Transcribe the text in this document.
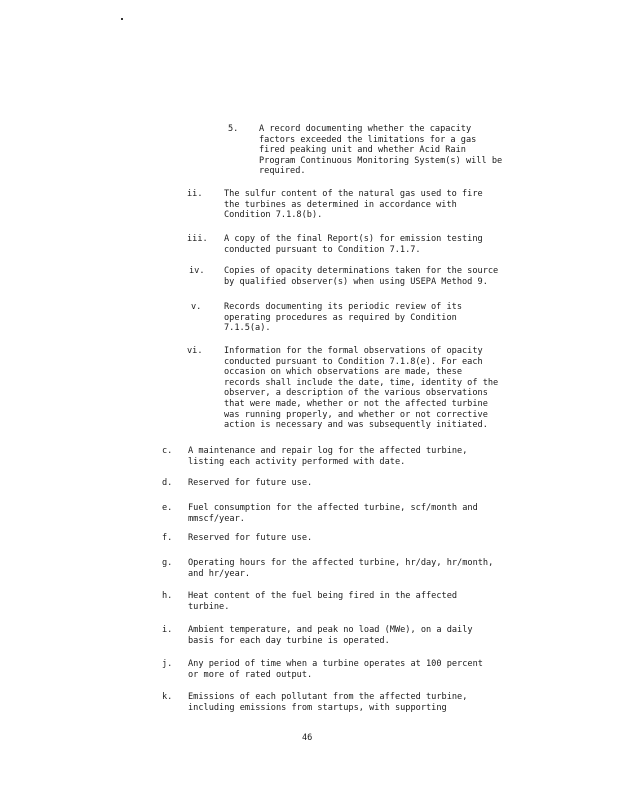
5. A record documenting whether the capacity
factors exceeded the limitations for a gas
fired peaking unit and whether Acid Rain
Program Continuous Monitoring System(s) will be
required.
ii. The sulfur content of the natural gas used to fire
the turbines as determined in accordance with
Condition 7.1.8(b).
iii. A copy of the final Report(s) for emission testing
conducted pursuant to Condition 7.1.7.
iv. Copies of opacity determinations taken for the source
by qualified observer(s) when using USEPA Method 9.
v.	Records documenting its periodic review of its
operating procedures as required by Condition
7.1.5(a).
vi. Information for the formal observations of opacity
conducted pursuant to Condition 7.1.8(e). For each
occasion on which observations are made, these
records shall include the date, time, identity of the
observer, a description of the various observations
that were made, whether or not the affected turbine
was running properly, and whether or not corrective
action is necessary and was subsequently initiated.
c. A maintenance and repair log for the affected turbine,
listing each activity performed with date.
d. Reserved for future use.
e. Fuel consumption for the affected turbine, scf/month and
mmscf/year.
f. Reserved for future use.
g. Operating hours for the affected turbine, hr/day, hr/month,
and hr/year.
h. Heat content of the fuel being fired in the affected
turbine.
i. Ambient temperature, and peak no load (MWe), on a daily
basis for each day turbine is operated.
j. Any period of time when a turbine operates at 100 percent
or more of rated output.
k. Emissions of each pollutant from the affected turbine,
including emissions from startups, with supporting
46
